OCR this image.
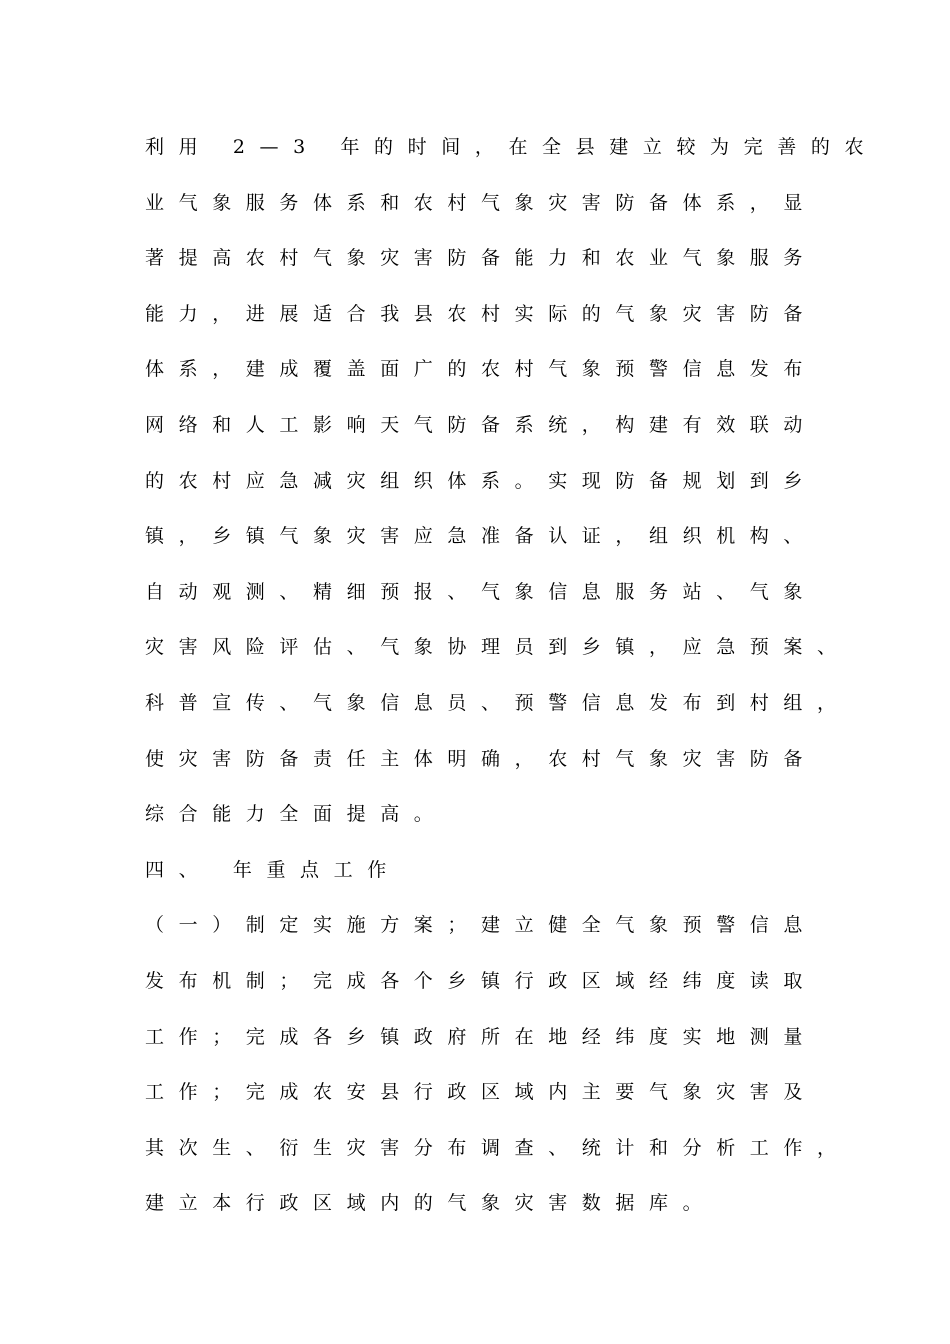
利用 2—3 年的时间，在全县建立较为完善的农
业气象服务体系和农村气象灾害防备体系，显
著提高农村气象灾害防备能力和农业气象服务
能力，进展适合我县农村实际的气象灾害防备
体系，建成覆盖面广的农村气象预警信息发布
网络和人工影响天气防备系统，构建有效联动
的农村应急减灾组织体系。实现防备规划到乡
镇，乡镇气象灾害应急准备认证，组织机构、
自动观测、精细预报、气象信息服务站、气象
灾害风险评估、气象协理员到乡镇，应急预案、
科普宣传、气象信息员、预警信息发布到村组，
使灾害防备责任主体明确，农村气象灾害防备
综合能力全面提高。
四、 年重点工作
（一）制定实施方案；建立健全气象预警信息
发布机制；完成各个乡镇行政区域经纬度读取
工作；完成各乡镇政府所在地经纬度实地测量
工作；完成农安县行政区域内主要气象灾害及
其次生、衍生灾害分布调查、统计和分析工作，
建立本行政区域内的气象灾害数据库。
